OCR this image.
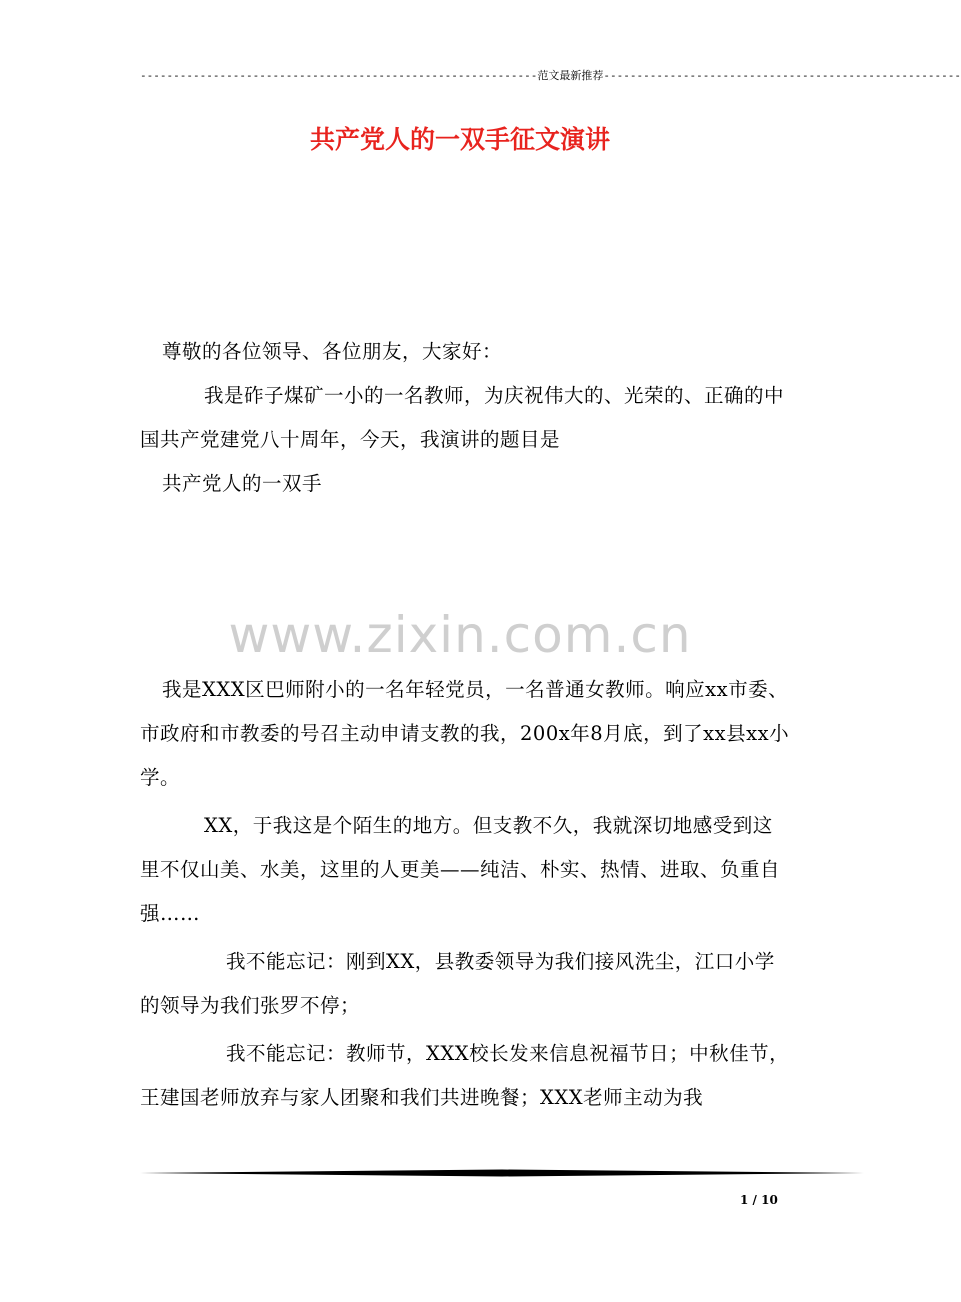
------------------------------------------------------------范文最新推荐------------------------------------------------------
共产党人的一双手征文演讲

尊敬的各位领导、各位朋友，大家好：

我是砟子煤矿一小的一名教师，为庆祝伟大的、光荣的、正确的中国共产党建党八十周年，今天，我演讲的题目是

共产党人的一双手

www.zixin.com.cn

我是XXX区巴师附小的一名年轻党员，一名普通女教师。响应xx市委、市政府和市教委的号召主动申请支教的我，200x年8月底，到了xx县xx小学。

XX，于我这是个陌生的地方。但支教不久，我就深切地感受到这里不仅山美、水美，这里的人更美——纯洁、朴实、热情、进取、负重自强……

我不能忘记：刚到XX，县教委领导为我们接风洗尘，江口小学的领导为我们张罗不停；

我不能忘记：教师节，XXX校长发来信息祝福节日；中秋佳节，王建国老师放弃与家人团聚和我们共进晚餐；XXX老师主动为我

1 / 10
